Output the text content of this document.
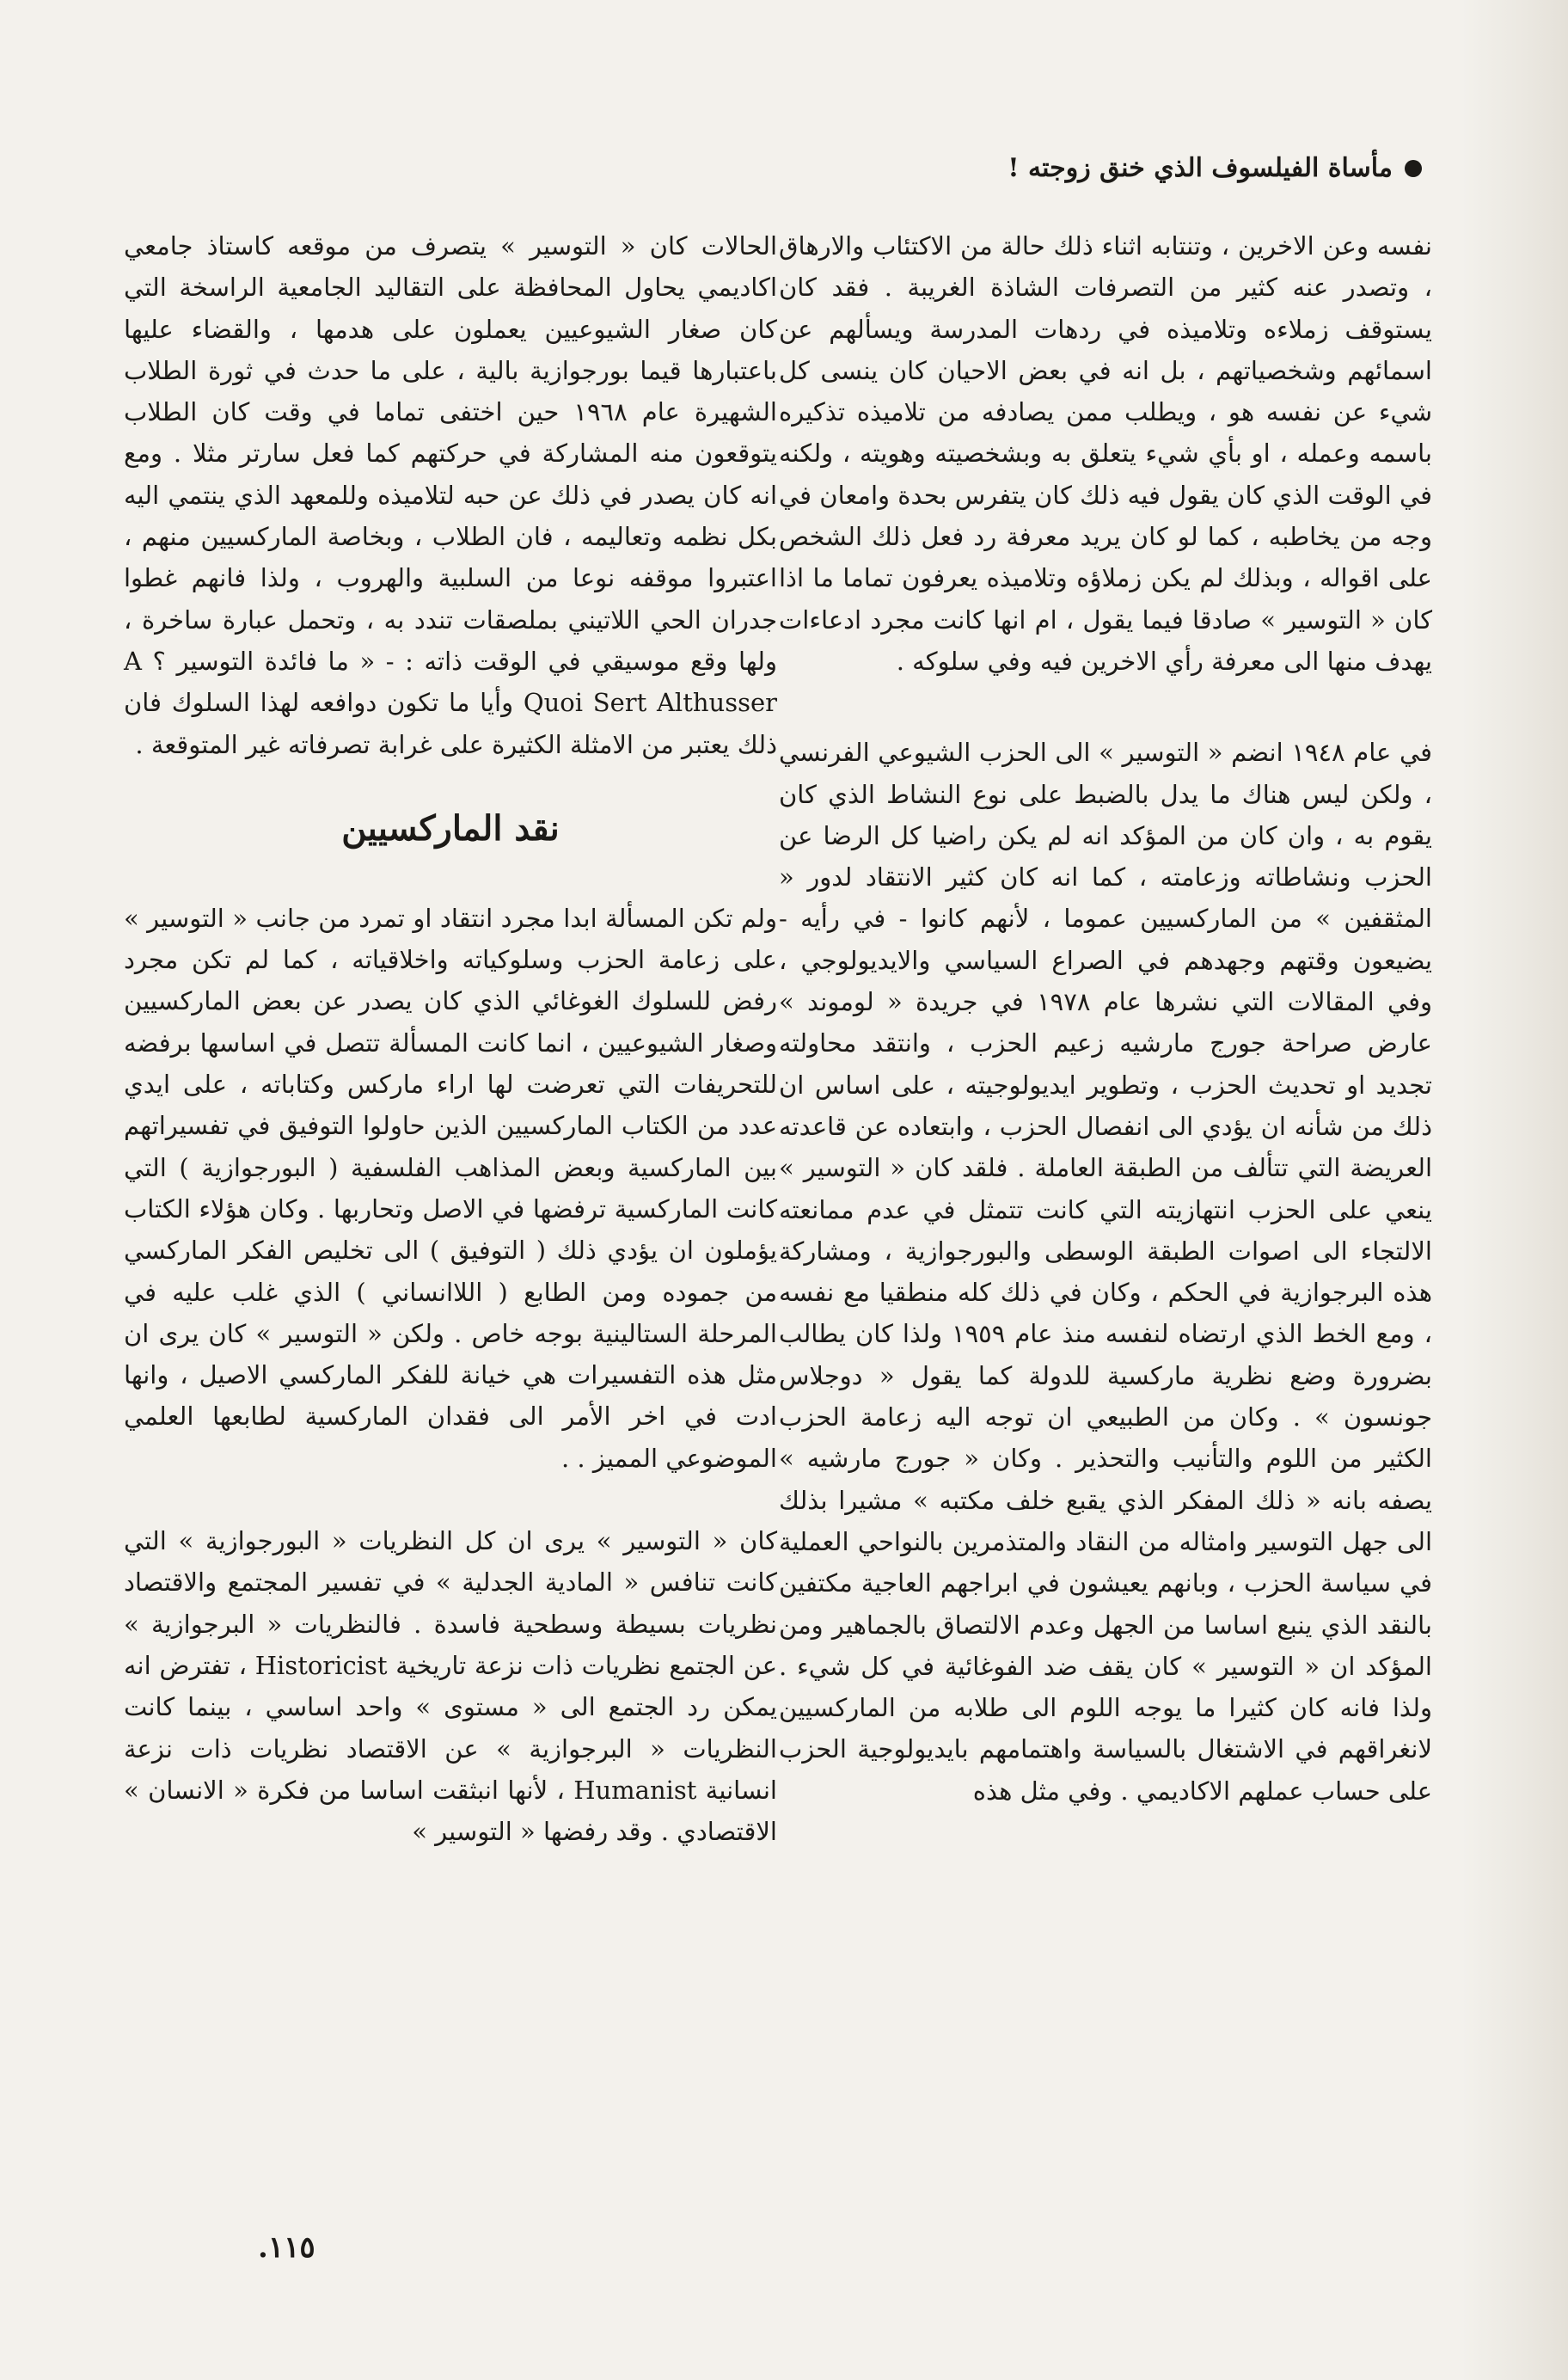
مأساة الفيلسوف الذي خنق زوجته !

نفسه وعن الاخرين ، وتنتابه اثناء ذلك حالة من الاكتئاب والارهاق ، وتصدر عنه كثير من التصرفات الشاذة الغريبة . فقد كان يستوقف زملاءه وتلاميذه في ردهات المدرسة ويسألهم عن اسمائهم وشخصياتهم ، بل انه في بعض الاحيان كان ينسى كل شيء عن نفسه هو ، ويطلب ممن يصادفه من تلاميذه تذكيره باسمه وعمله ، او بأي شيء يتعلق به وبشخصيته وهويته ، ولكنه في الوقت الذي كان يقول فيه ذلك كان يتفرس بحدة وامعان في وجه من يخاطبه ، كما لو كان يريد معرفة رد فعل ذلك الشخص على اقواله ، وبذلك لم يكن زملاؤه وتلاميذه يعرفون تماما ما اذا كان « التوسير » صادقا فيما يقول ، ام انها كانت مجرد ادعاءات يهدف منها الى معرفة رأي الاخرين فيه وفي سلوكه .

في عام ١٩٤٨ انضم « التوسير » الى الحزب الشيوعي الفرنسي ، ولكن ليس هناك ما يدل بالضبط على نوع النشاط الذي كان يقوم به ، وان كان من المؤكد انه لم يكن راضيا كل الرضا عن الحزب ونشاطاته وزعامته ، كما انه كان كثير الانتقاد لدور « المثقفين » من الماركسيين عموما ، لأنهم كانوا - في رأيه - يضيعون وقتهم وجهدهم في الصراع السياسي والايديولوجي ، وفي المقالات التي نشرها عام ١٩٧٨ في جريدة « لوموند » عارض صراحة جورج مارشيه زعيم الحزب ، وانتقد محاولته تجديد او تحديث الحزب ، وتطوير ايديولوجيته ، على اساس ان ذلك من شأنه ان يؤدي الى انفصال الحزب ، وابتعاده عن قاعدته العريضة التي تتألف من الطبقة العاملة . فلقد كان « التوسير » ينعي على الحزب انتهازيته التي كانت تتمثل في عدم ممانعته الالتجاء الى اصوات الطبقة الوسطى والبورجوازية ، ومشاركة هذه البرجوازية في الحكم ، وكان في ذلك كله منطقيا مع نفسه ، ومع الخط الذي ارتضاه لنفسه منذ عام ١٩٥٩ ولذا كان يطالب بضرورة وضع نظرية ماركسية للدولة كما يقول « دوجلاس جونسون » . وكان من الطبيعي ان توجه اليه زعامة الحزب الكثير من اللوم والتأنيب والتحذير . وكان « جورج مارشيه » يصفه بانه « ذلك المفكر الذي يقبع خلف مكتبه » مشيرا بذلك الى جهل التوسير وامثاله من النقاد والمتذمرين بالنواحي العملية في سياسة الحزب ، وبانهم يعيشون في ابراجهم العاجية مكتفين بالنقد الذي ينبع اساسا من الجهل وعدم الالتصاق بالجماهير ومن المؤكد ان « التوسير » كان يقف ضد الفوغائية في كل شيء . ولذا فانه كان كثيرا ما يوجه اللوم الى طلابه من الماركسيين لانغراقهم في الاشتغال بالسياسة واهتمامهم بايديولوجية الحزب على حساب عملهم الاكاديمي . وفي مثل هذه

الحالات كان « التوسير » يتصرف من موقعه كاستاذ جامعي اكاديمي يحاول المحافظة على التقاليد الجامعية الراسخة التي كان صغار الشيوعيين يعملون على هدمها ، والقضاء عليها باعتبارها قيما بورجوازية بالية ، على ما حدث في ثورة الطلاب الشهيرة عام ١٩٦٨ حين اختفى تماما في وقت كان الطلاب يتوقعون منه المشاركة في حركتهم كما فعل سارتر مثلا . ومع انه كان يصدر في ذلك عن حبه لتلاميذه وللمعهد الذي ينتمي اليه بكل نظمه وتعاليمه ، فان الطلاب ، وبخاصة الماركسيين منهم ، اعتبروا موقفه نوعا من السلبية والهروب ، ولذا فانهم غطوا جدران الحي اللاتيني بملصقات تندد به ، وتحمل عبارة ساخرة ، ولها وقع موسيقي في الوقت ذاته : - « ما فائدة التوسير ؟ A Quoi Sert Althusser وأيا ما تكون دوافعه لهذا السلوك فان ذلك يعتبر من الامثلة الكثيرة على غرابة تصرفاته غير المتوقعة .

نقد الماركسيين

ولم تكن المسألة ابدا مجرد انتقاد او تمرد من جانب « التوسير » على زعامة الحزب وسلوكياته واخلاقياته ، كما لم تكن مجرد رفض للسلوك الغوغائي الذي كان يصدر عن بعض الماركسيين وصغار الشيوعيين ، انما كانت المسألة تتصل في اساسها برفضه للتحريفات التي تعرضت لها اراء ماركس وكتاباته ، على ايدي عدد من الكتاب الماركسيين الذين حاولوا التوفيق في تفسيراتهم بين الماركسية وبعض المذاهب الفلسفية ( البورجوازية ) التي كانت الماركسية ترفضها في الاصل وتحاربها . وكان هؤلاء الكتاب يؤملون ان يؤدي ذلك ( التوفيق ) الى تخليص الفكر الماركسي من جموده ومن الطابع ( اللاانساني ) الذي غلب عليه في المرحلة الستالينية بوجه خاص . ولكن « التوسير » كان يرى ان مثل هذه التفسيرات هي خيانة للفكر الماركسي الاصيل ، وانها ادت في اخر الأمر الى فقدان الماركسية لطابعها العلمي الموضوعي المميز . .

كان « التوسير » يرى ان كل النظريات « البورجوازية » التي كانت تنافس « المادية الجدلية » في تفسير المجتمع والاقتصاد نظريات بسيطة وسطحية فاسدة . فالنظريات « البرجوازية » عن الجتمع نظريات ذات نزعة تاريخية Historicist ، تفترض انه يمكن رد الجتمع الى « مستوى » واحد اساسي ، بينما كانت النظريات « البرجوازية » عن الاقتصاد نظريات ذات نزعة انسانية Humanist ، لأنها انبثقت اساسا من فكرة « الانسان » الاقتصادي . وقد رفضها « التوسير »

١١٥.
